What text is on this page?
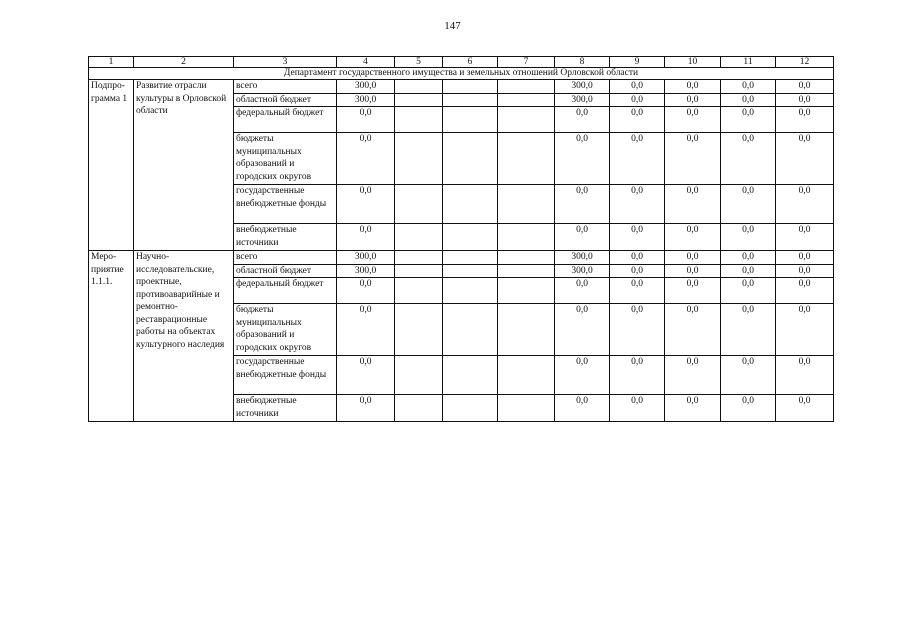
147
1	2	3	4	5	6	7	8	9	10	11	12
Департамент государственного имущества и земельных отношений Орловской области											
Подпро-грамма 1	Развитие отрасли культуры в Орловской области	всего	300,0				300,0	0,0	0,0	0,0	0,0
		областной бюджет	300,0				300,0	0,0	0,0	0,0	0,0
		федеральный бюджет	0,0				0,0	0,0	0,0	0,0	0,0
		бюджеты муниципальных образований и городских округов	0,0				0,0	0,0	0,0	0,0	0,0
		государственные внебюджетные фонды	0,0				0,0	0,0	0,0	0,0	0,0
		внебюджетные источники	0,0				0,0	0,0	0,0	0,0	0,0
Меро-приятие 1.1.1.	Научно-исследовательские, проектные, противоаварийные и ремонтно-реставрационные работы на объектах культурного наследия	всего	300,0				300,0	0,0	0,0	0,0	0,0
		областной бюджет	300,0				300,0	0,0	0,0	0,0	0,0
		федеральный бюджет	0,0				0,0	0,0	0,0	0,0	0,0
		бюджеты муниципальных образований и городских округов	0,0				0,0	0,0	0,0	0,0	0,0
		государственные внебюджетные фонды	0,0				0,0	0,0	0,0	0,0	0,0
		внебюджетные источники	0,0				0,0	0,0	0,0	0,0	0,0
